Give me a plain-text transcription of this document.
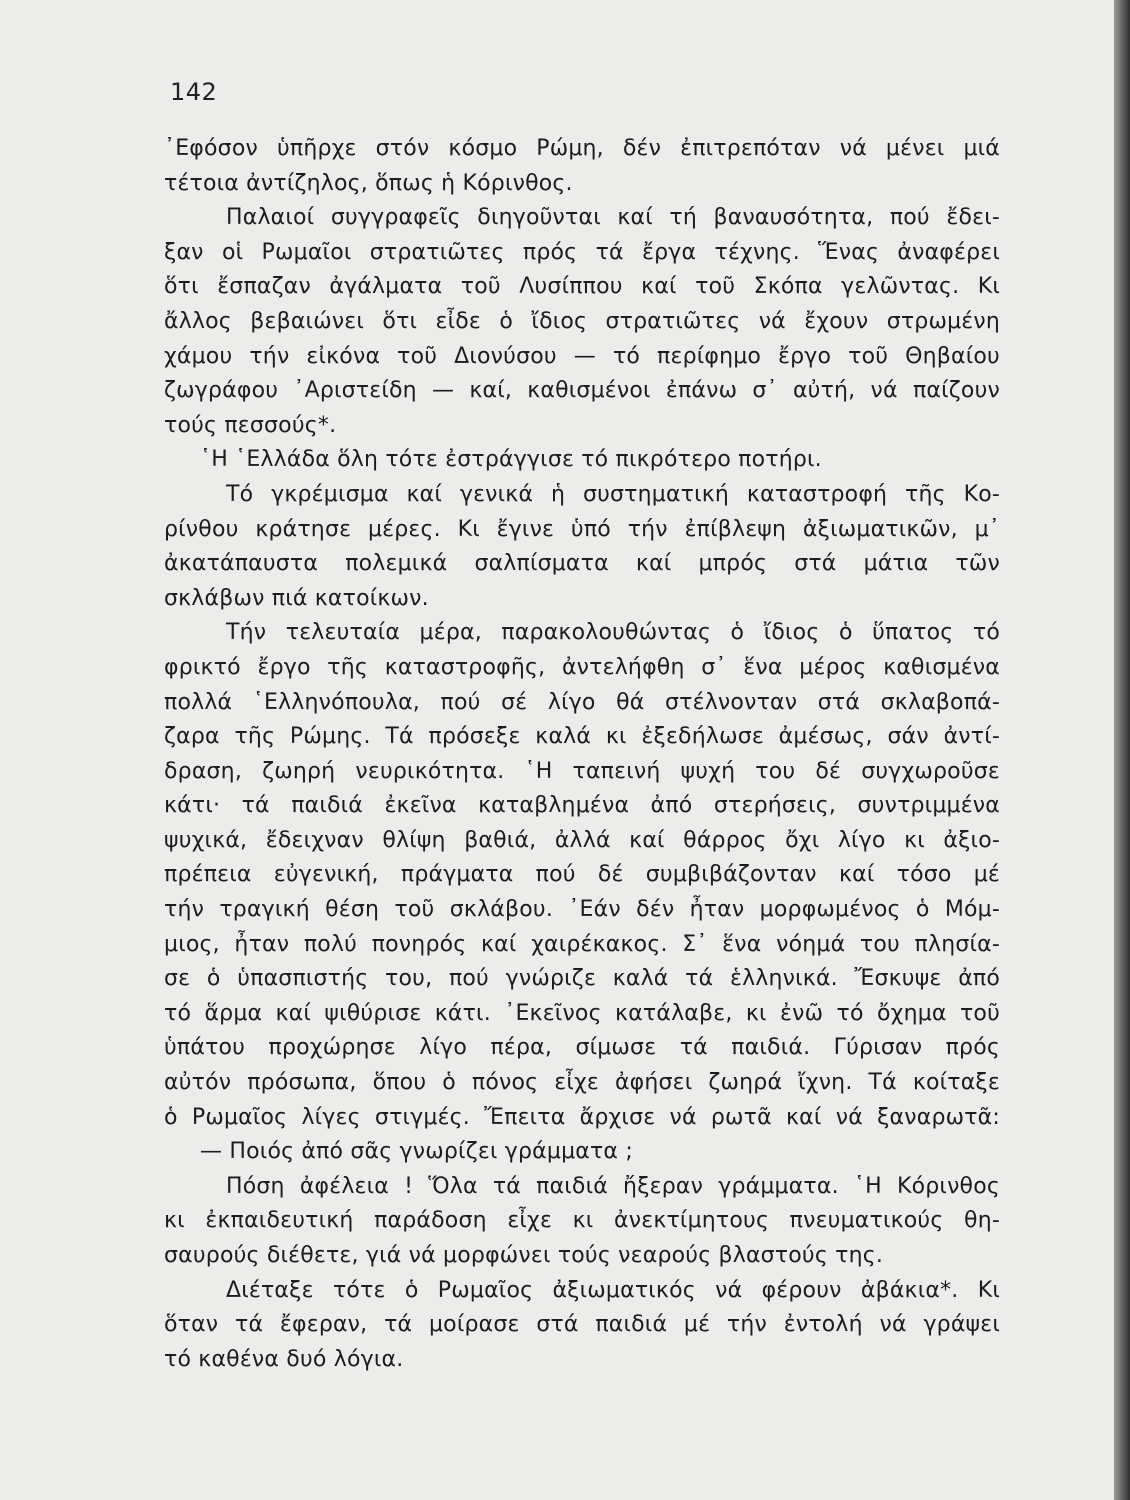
142
᾿Εφόσον ὑπῆρχε στόν κόσμο Ρώμη, δέν ἐπιτρεπόταν νά μένει μιά
τέτοια ἀντίζηλος, ὅπως ἡ Κόρινθος.
Παλαιοί συγγραφεῖς διηγοῦνται καί τή βαναυσότητα, πού ἔδει-
ξαν οἱ Ρωμαῖοι στρατιῶτες πρός τά ἔργα τέχνης. Ἕνας ἀναφέρει
ὅτι ἔσπαζαν ἀγάλματα τοῦ Λυσίππου καί τοῦ Σκόπα γελῶντας. Κι
ἄλλος βεβαιώνει ὅτι εἶδε ὁ ἴδιος στρατιῶτες νά ἔχουν στρωμένη
χάμου τήν εἰκόνα τοῦ Διονύσου — τό περίφημο ἔργο τοῦ Θηβαίου
ζωγράφου ᾿Αριστείδη — καί, καθισμένοι ἐπάνω σ᾿ αὐτή, νά παίζουν
τούς πεσσούς*.
῾Η ῾Ελλάδα ὅλη τότε ἐστράγγισε τό πικρότερο ποτήρι.
Τό γκρέμισμα καί γενικά ἡ συστηματική καταστροφή τῆς Κο-
ρίνθου κράτησε μέρες. Κι ἔγινε ὑπό τήν ἐπίβλεψη ἀξιωματικῶν, μ᾿
ἀκατάπαυστα πολεμικά σαλπίσματα καί μπρός στά μάτια τῶν
σκλάβων πιά κατοίκων.
Τήν τελευταία μέρα, παρακολουθώντας ὁ ἴδιος ὁ ὕπατος τό
φρικτό ἔργο τῆς καταστροφῆς, ἀντελήφθη σ᾿ ἕνα μέρος καθισμένα
πολλά ῾Ελληνόπουλα, πού σέ λίγο θά στέλνονταν στά σκλαβοπά-
ζαρα τῆς Ρώμης. Τά πρόσεξε καλά κι ἐξεδήλωσε ἀμέσως, σάν ἀντί-
δραση, ζωηρή νευρικότητα. ῾Η ταπεινή ψυχή του δέ συγχωροῦσε
κάτι· τά παιδιά ἐκεῖνα καταβλημένα ἀπό στερήσεις, συντριμμένα
ψυχικά, ἔδειχναν θλίψη βαθιά, ἀλλά καί θάρρος ὄχι λίγο κι ἀξιο-
πρέπεια εὐγενική, πράγματα πού δέ συμβιβάζονταν καί τόσο μέ
τήν τραγική θέση τοῦ σκλάβου. ᾿Εάν δέν ἦταν μορφωμένος ὁ Μόμ-
μιος, ἦταν πολύ πονηρός καί χαιρέκακος. Σ᾿ ἕνα νόημά του πλησία-
σε ὁ ὑπασπιστής του, πού γνώριζε καλά τά ἑλληνικά. Ἔσκυψε ἀπό
τό ἅρμα καί ψιθύρισε κάτι. ᾿Εκεῖνος κατάλαβε, κι ἐνῶ τό ὄχημα τοῦ
ὑπάτου προχώρησε λίγο πέρα, σίμωσε τά παιδιά. Γύρισαν πρός
αὐτόν πρόσωπα, ὅπου ὁ πόνος εἶχε ἀφήσει ζωηρά ἴχνη. Τά κοίταξε
ὁ Ρωμαῖος λίγες στιγμές. Ἔπειτα ἄρχισε νά ρωτᾶ καί νά ξαναρωτᾶ:
— Ποιός ἀπό σᾶς γνωρίζει γράμματα ;
Πόση ἀφέλεια ! Ὅλα τά παιδιά ἤξεραν γράμματα. ῾Η Κόρινθος
κι ἐκπαιδευτική παράδοση εἶχε κι ἀνεκτίμητους πνευματικούς θη-
σαυρούς διέθετε, γιά νά μορφώνει τούς νεαρούς βλαστούς της.
Διέταξε τότε ὁ Ρωμαῖος ἀξιωματικός νά φέρουν ἀβάκια*. Κι
ὅταν τά ἔφεραν, τά μοίρασε στά παιδιά μέ τήν ἐντολή νά γράψει
τό καθένα δυό λόγια.
